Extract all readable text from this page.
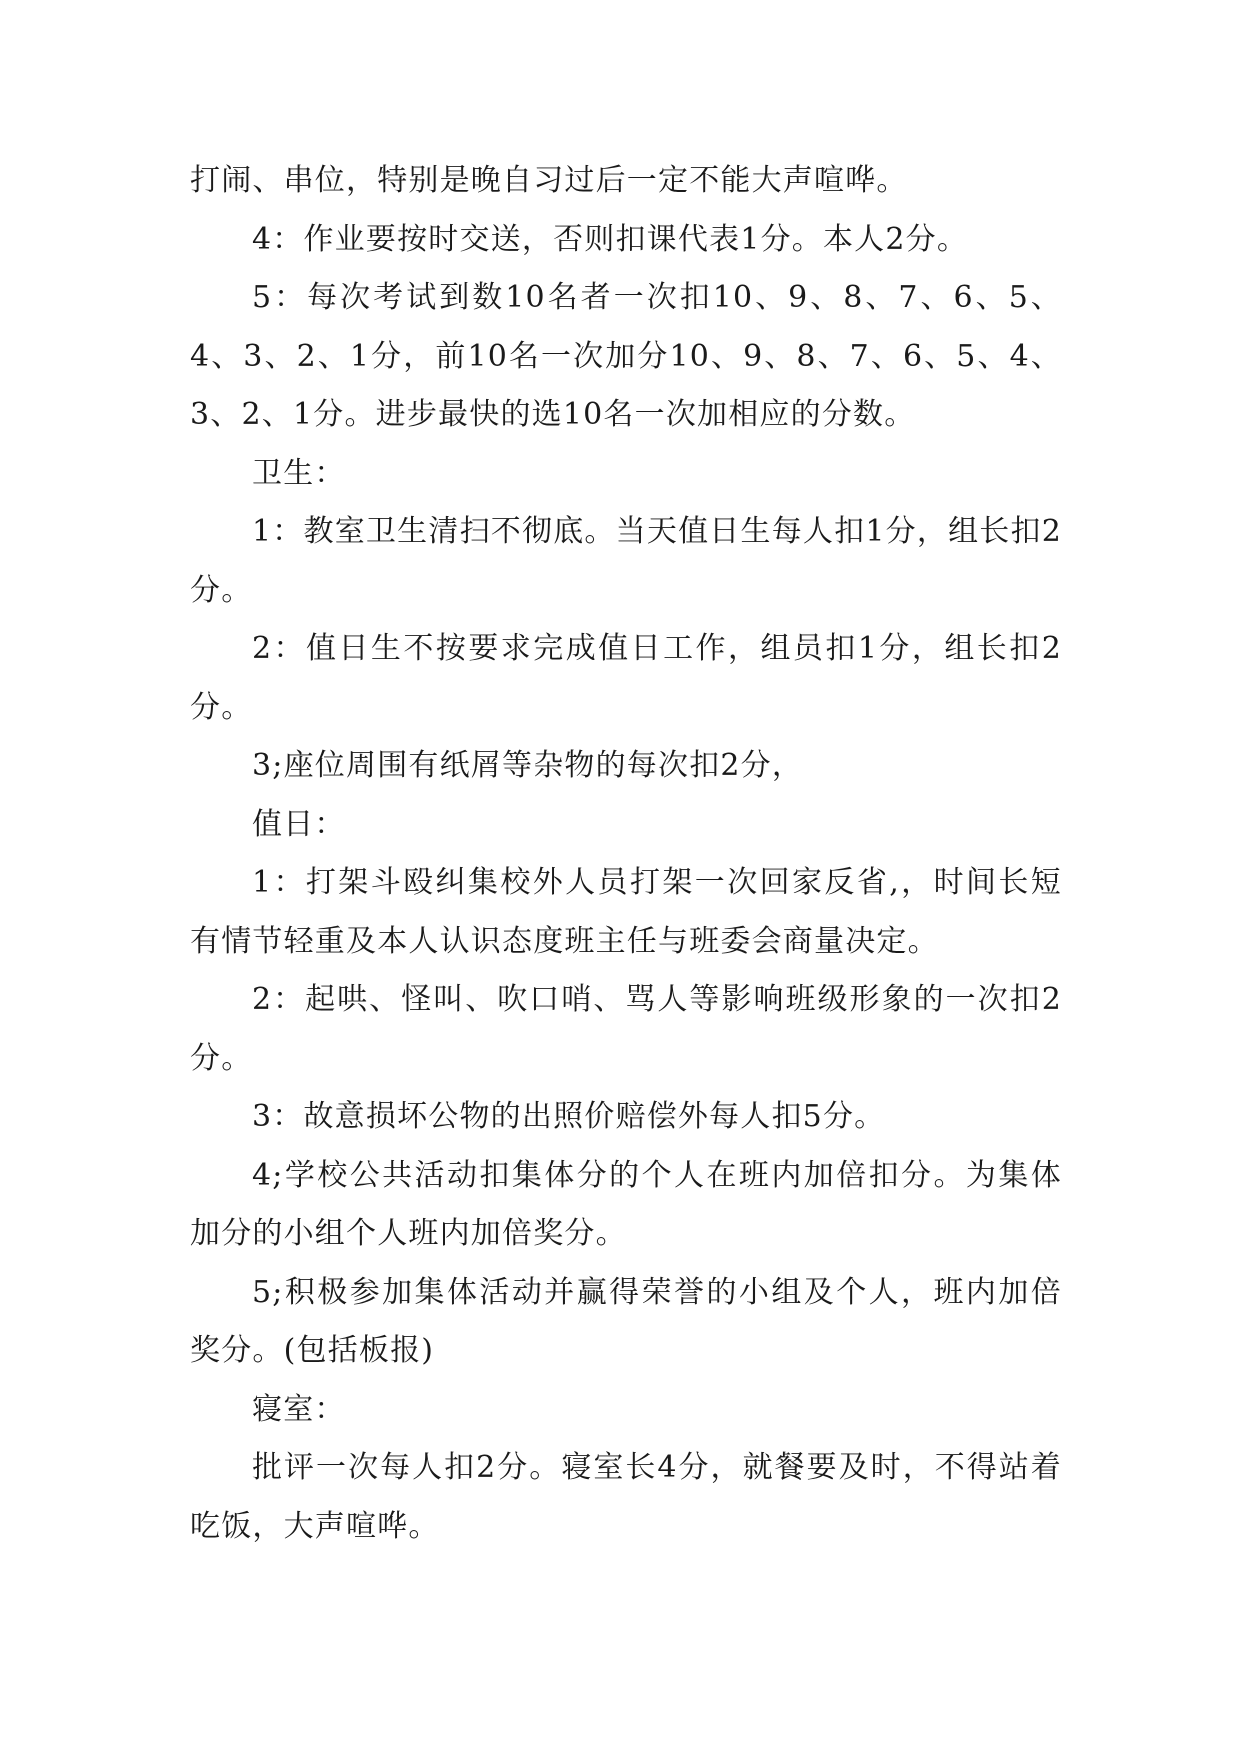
打闹、串位，特别是晚自习过后一定不能大声喧哗。

4：作业要按时交送，否则扣课代表1分。本人2分。

5：每次考试到数10名者一次扣10、9、8、7、6、5、4、3、2、1分，前10名一次加分10、9、8、7、6、5、4、3、2、1分。进步最快的选10名一次加相应的分数。

卫生：

1：教室卫生清扫不彻底。当天值日生每人扣1分，组长扣2分。

2：值日生不按要求完成值日工作，组员扣1分，组长扣2分。

3;座位周围有纸屑等杂物的每次扣2分，

值日：

1：打架斗殴纠集校外人员打架一次回家反省,，时间长短有情节轻重及本人认识态度班主任与班委会商量决定。

2：起哄、怪叫、吹口哨、骂人等影响班级形象的一次扣2分。

3：故意损坏公物的出照价赔偿外每人扣5分。

4;学校公共活动扣集体分的个人在班内加倍扣分。为集体加分的小组个人班内加倍奖分。

5;积极参加集体活动并赢得荣誉的小组及个人，班内加倍奖分。(包括板报)

寝室：

批评一次每人扣2分。寝室长4分，就餐要及时，不得站着吃饭，大声喧哗。
